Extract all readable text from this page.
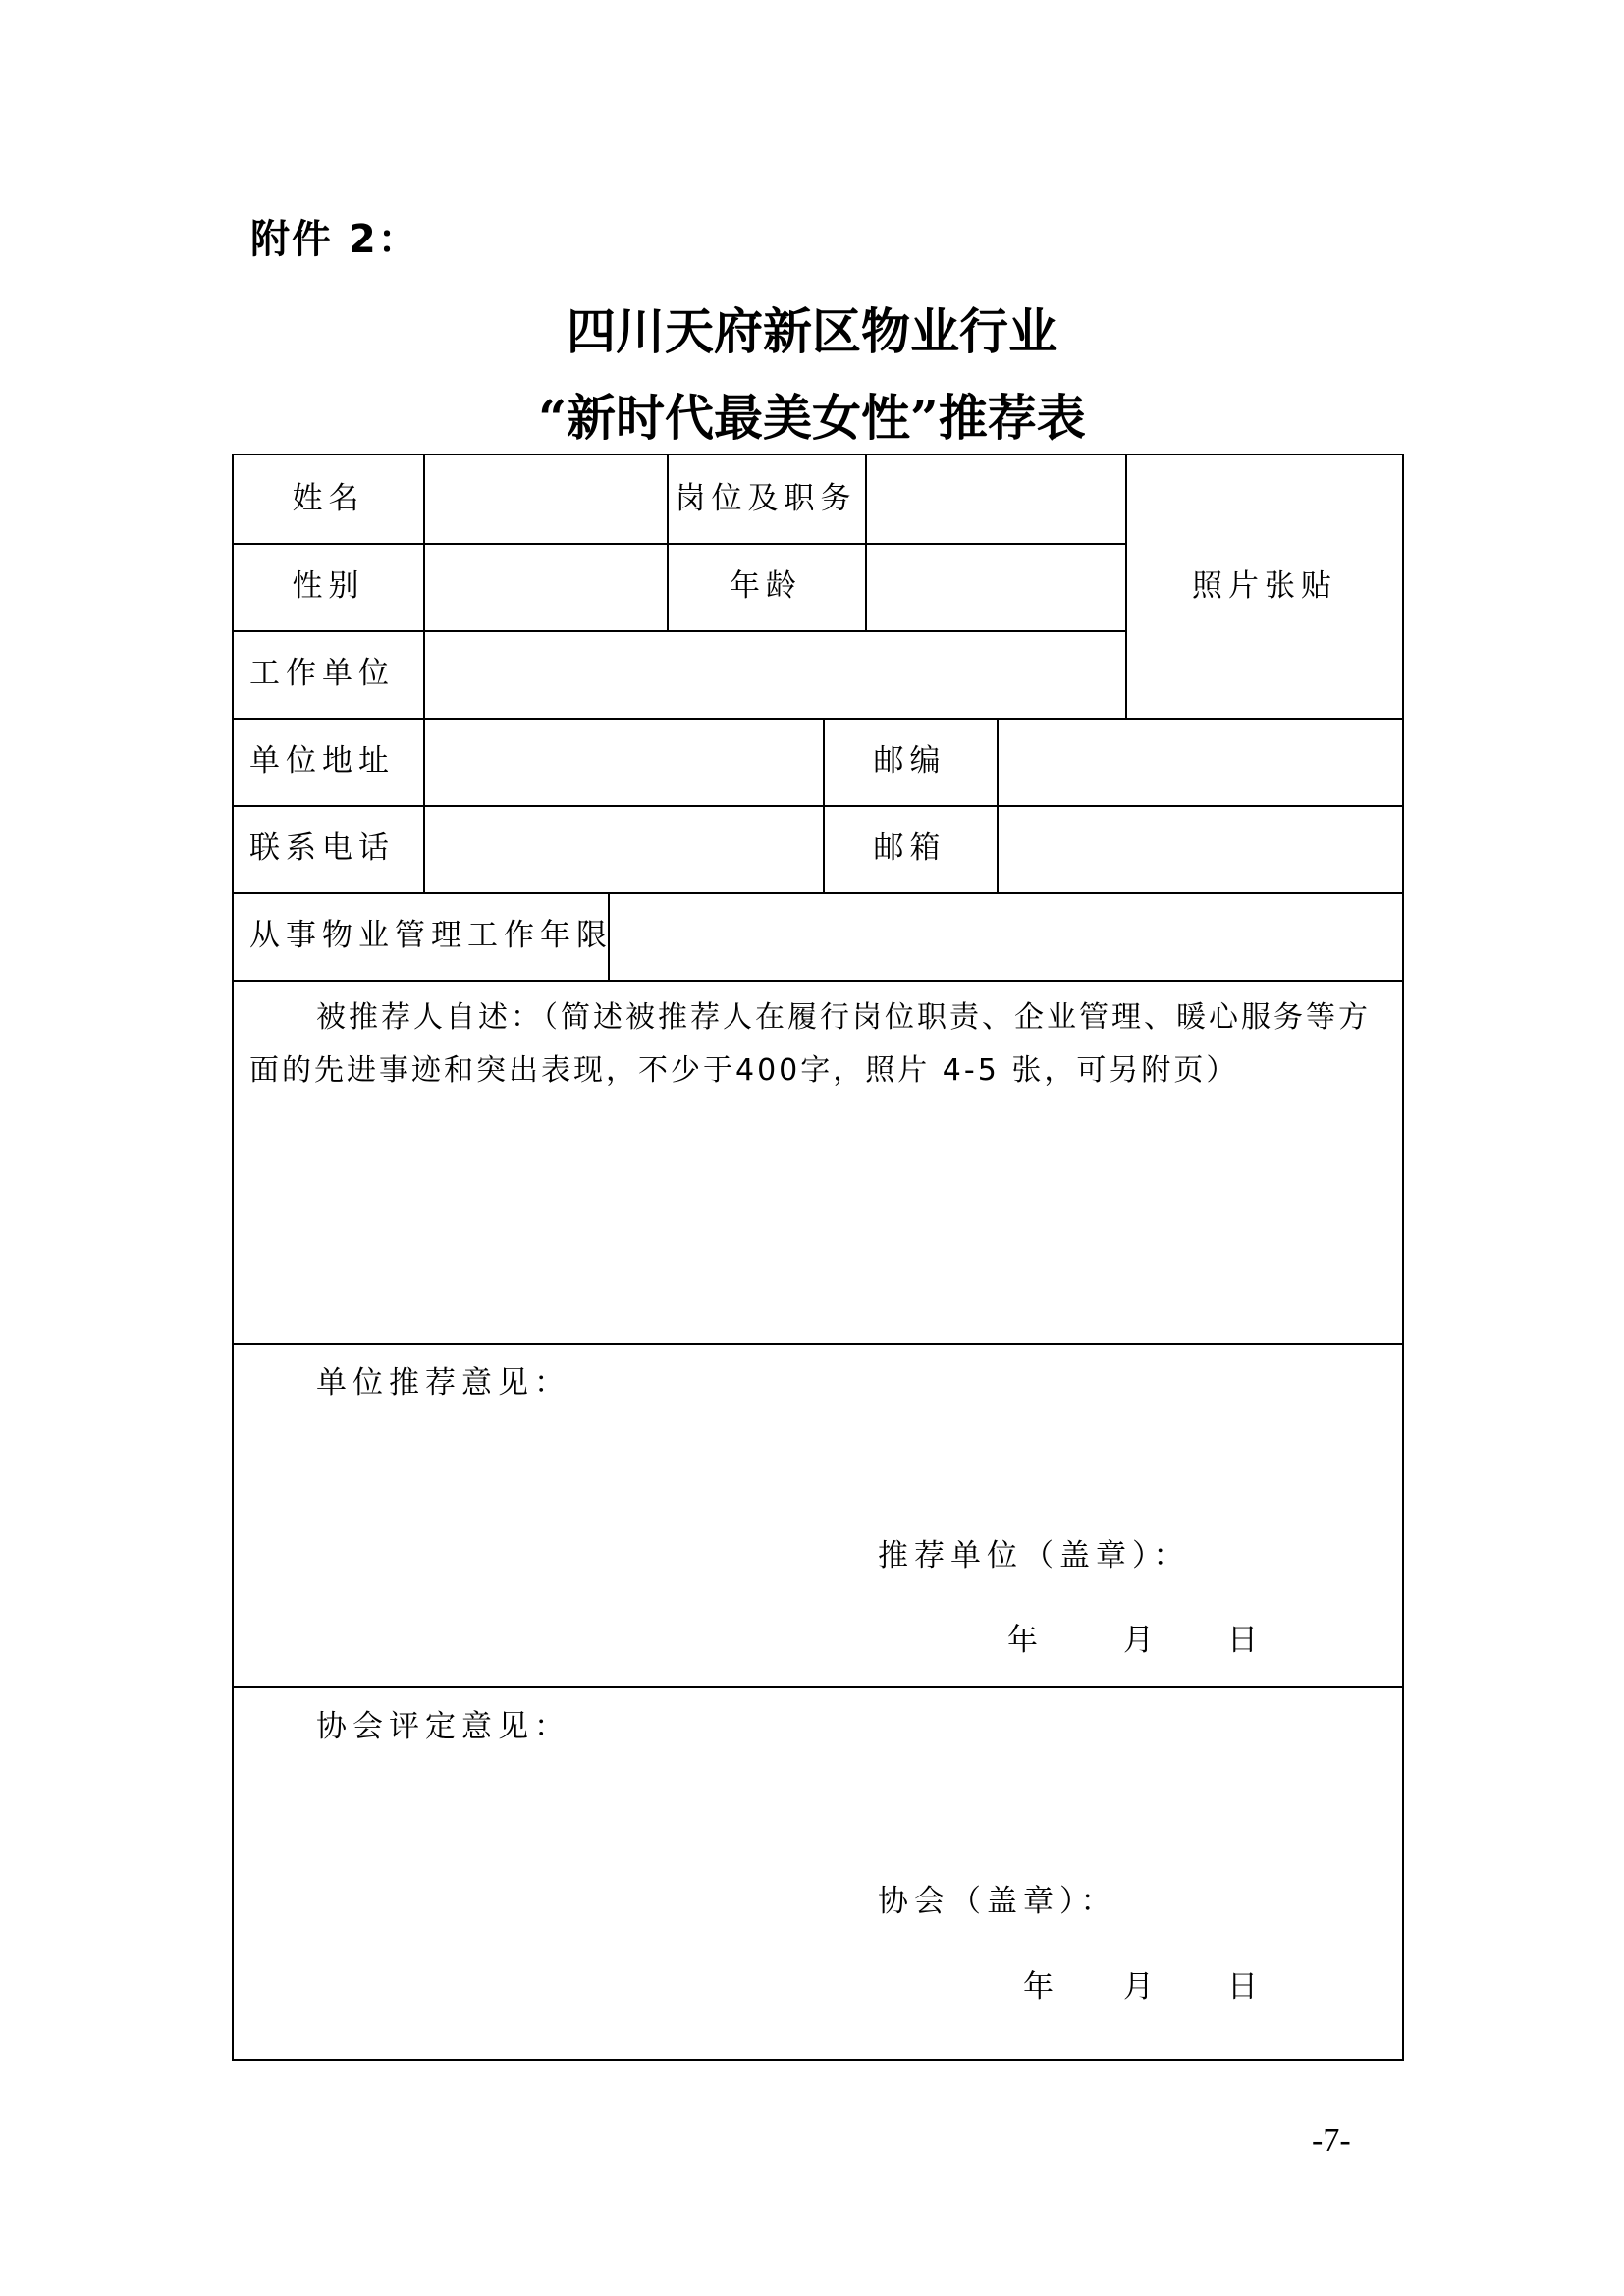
附件 2：
四川天府新区物业行业
“新时代最美女性”推荐表
姓名	岗位及职务
照片张贴
性别	年龄
工作单位
单位地址	邮编
联系电话	邮箱
从事物业管理工作年限
被推荐人自述：（简述被推荐人在履行岗位职责、企业管理、暖心服务等方面的先进事迹和突出表现，不少于400字，照片 4-5 张，可另附页）
单位推荐意见：
推荐单位（盖章）：
年	月 日
协会评定意见：
协会（盖章）：
年 月 日
-7-
